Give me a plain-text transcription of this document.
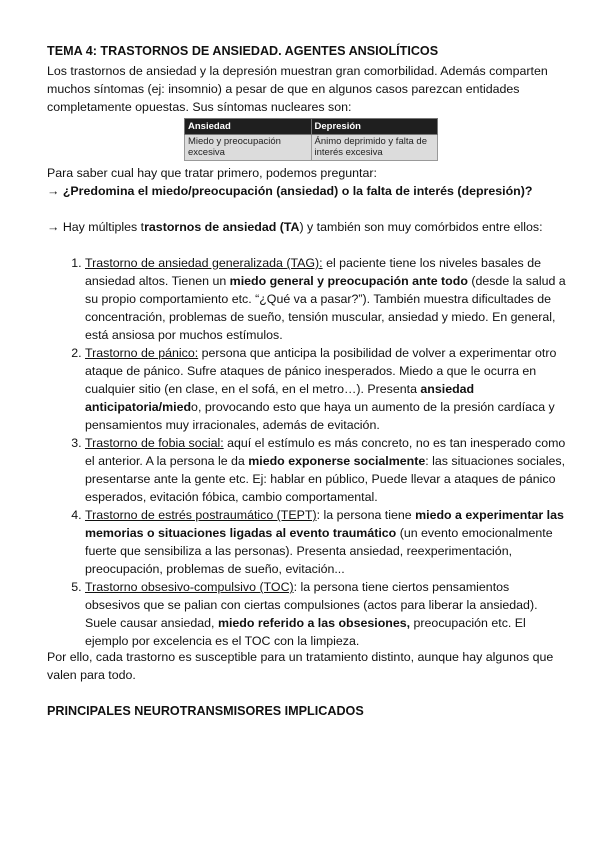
TEMA 4: TRASTORNOS DE ANSIEDAD. AGENTES ANSIOLÍTICOS

Los trastornos de ansiedad y la depresión muestran gran comorbilidad. Además comparten muchos síntomas (ej: insomnio) a pesar de que en algunos casos parezcan entidades completamente opuestas. Sus síntomas nucleares son:

Ansiedad	Depresión
Miedo y preocupación excesiva	Ánimo deprimido y falta de interés excesiva
Para saber cual hay que tratar primero, podemos preguntar:
→ ¿Predomina el miedo/preocupación (ansiedad) o la falta de interés (depresión)?
→ Hay múltiples trastornos de ansiedad (TA) y también son muy comórbidos entre ellos:
1. Trastorno de ansiedad generalizada (TAG): el paciente tiene los niveles basales de ansiedad altos. Tienen un miedo general y preocupación ante todo (desde la salud a su propio comportamiento etc. “¿Qué va a pasar?”). También muestra dificultades de concentración, problemas de sueño, tensión muscular, ansiedad y miedo. En general, está ansiosa por muchos estímulos.
2. Trastorno de pánico: persona que anticipa la posibilidad de volver a experimentar otro ataque de pánico. Sufre ataques de pánico inesperados. Miedo a que le ocurra en cualquier sitio (en clase, en el sofá, en el metro…). Presenta ansiedad anticipatoria/miedo, provocando esto que haya un aumento de la presión cardíaca y pensamientos muy irracionales, además de evitación.
3. Trastorno de fobia social: aquí el estímulo es más concreto, no es tan inesperado como el anterior. A la persona le da miedo exponerse socialmente: las situaciones sociales, presentarse ante la gente etc. Ej: hablar en público, Puede llevar a ataques de pánico esperados, evitación fóbica, cambio comportamental.
4. Trastorno de estrés postraumático (TEPT): la persona tiene miedo a experimentar las memorias o situaciones ligadas al evento traumático (un evento emocionalmente fuerte que sensibiliza a las personas). Presenta ansiedad, reexperimentación, preocupación, problemas de sueño, evitación...
5. Trastorno obsesivo-compulsivo (TOC): la persona tiene ciertos pensamientos obsesivos que se palian con ciertas compulsiones (actos para liberar la ansiedad). Suele causar ansiedad, miedo referido a las obsesiones, preocupación etc. El ejemplo por excelencia es el TOC con la limpieza.

Por ello, cada trastorno es susceptible para un tratamiento distinto, aunque hay algunos que valen para todo.

PRINCIPALES NEUROTRANSMISORES IMPLICADOS
